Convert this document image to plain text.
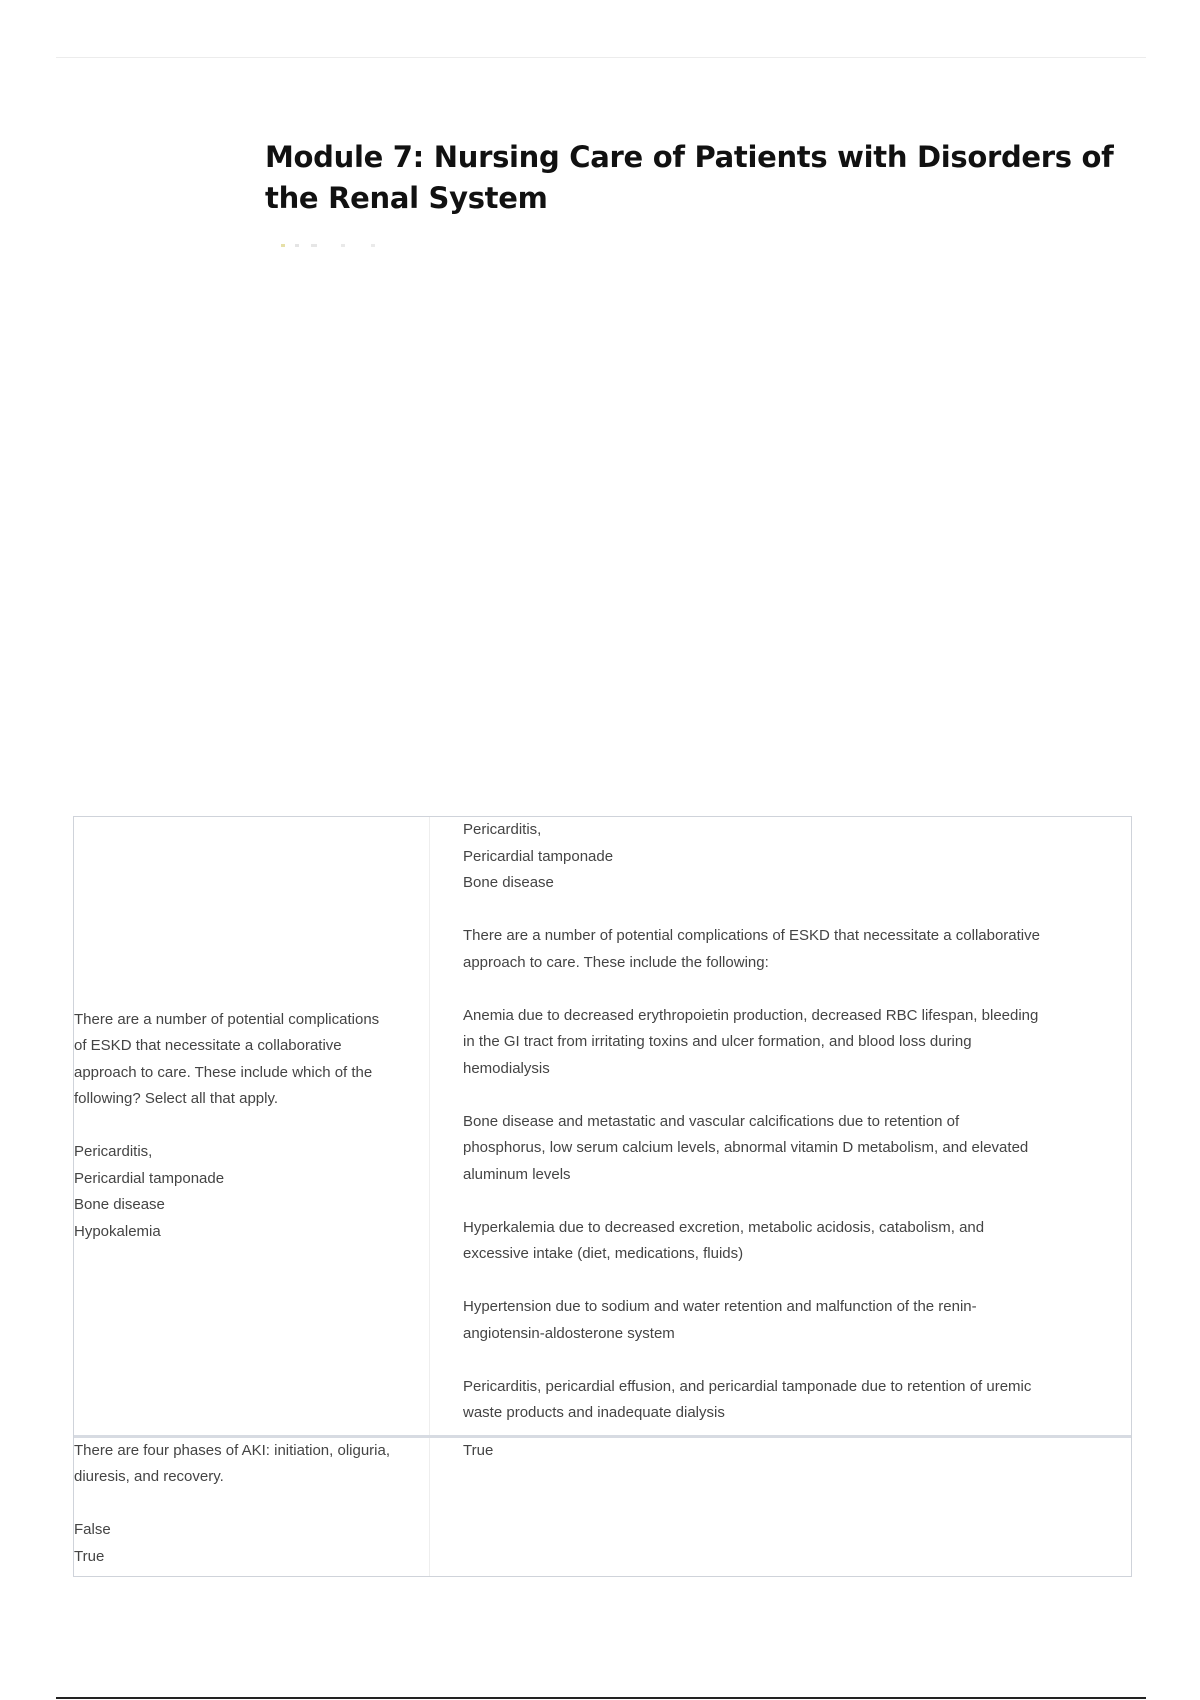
Module 7: Nursing Care of Patients with Disorders of the Renal System
There are a number of potential complications of ESKD that necessitate a collaborative approach to care. These include which of the following? Select all that apply.
Pericarditis,
Pericardial tamponade
Bone disease
Hypokalemia
Pericarditis,
Pericardial tamponade
Bone disease
There are a number of potential complications of ESKD that necessitate a collaborative approach to care. These include the following:
Anemia due to decreased erythropoietin production, decreased RBC lifespan, bleeding in the GI tract from irritating toxins and ulcer formation, and blood loss during hemodialysis
Bone disease and metastatic and vascular calcifications due to retention of phosphorus, low serum calcium levels, abnormal vitamin D metabolism, and elevated aluminum levels
Hyperkalemia due to decreased excretion, metabolic acidosis, catabolism, and excessive intake (diet, medications, fluids)
Hypertension due to sodium and water retention and malfunction of the renin-angiotensin-aldosterone system
Pericarditis, pericardial effusion, and pericardial tamponade due to retention of uremic waste products and inadequate dialysis
There are four phases of AKI: initiation, oliguria, diuresis, and recovery.
False
True
True
